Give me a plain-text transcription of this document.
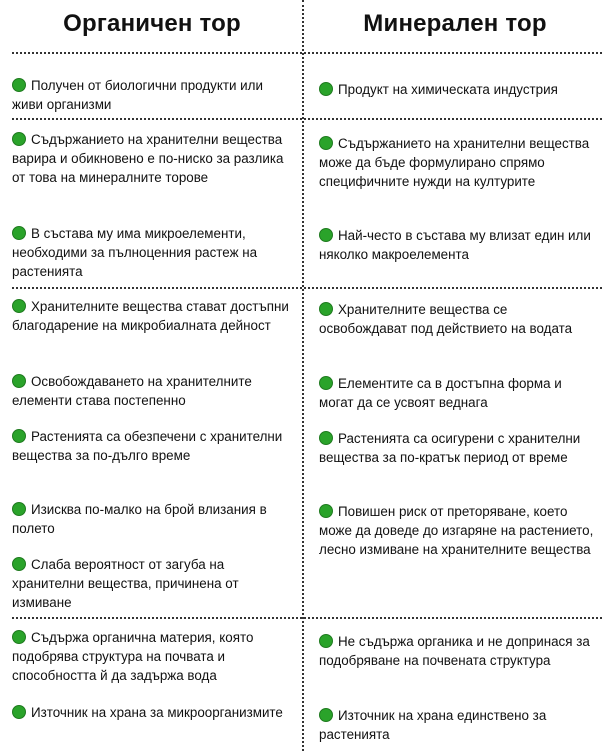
Органичен тор	Минерален тор
Получен от биологични продукти или живи организми
Съдържанието на хранителни вещества варира и обикновено е по-ниско за разлика от това на минералните торове
В състава му има микроелементи, необходими за пълноценния растеж на растенията
Хранителните вещества стават достъпни благодарение на микробиалната дейност
Освобождаването на хранителните елементи става постепенно
Растенията са обезпечени с хранителни вещества за по-дълго време
Изисква по-малко на брой влизания в полето
Слаба вероятност от загуба на хранителни вещества, причинена от измиване
Съдържа органична материя, която подобрява структура на почвата и способността й да задържа вода
Източник на храна за микроорганизмите
Продукт на химическата индустрия
Съдържанието на хранителни вещества може да бъде формулирано спрямо специфичните нужди на културите
Най-често в състава му влизат един или няколко макроелемента
Хранителните вещества се освобождават под действието на водата
Елементите са в достъпна форма и могат да се усвоят веднага
Растенията са осигурени с хранителни вещества за по-кратък период от време
Повишен риск от преторяване, което може да доведе до изгаряне на растението, лесно измиване на хранителните вещества
Не съдържа органика и не допринася за подобряване на почвената структура
Източник на храна единствено за растенията
